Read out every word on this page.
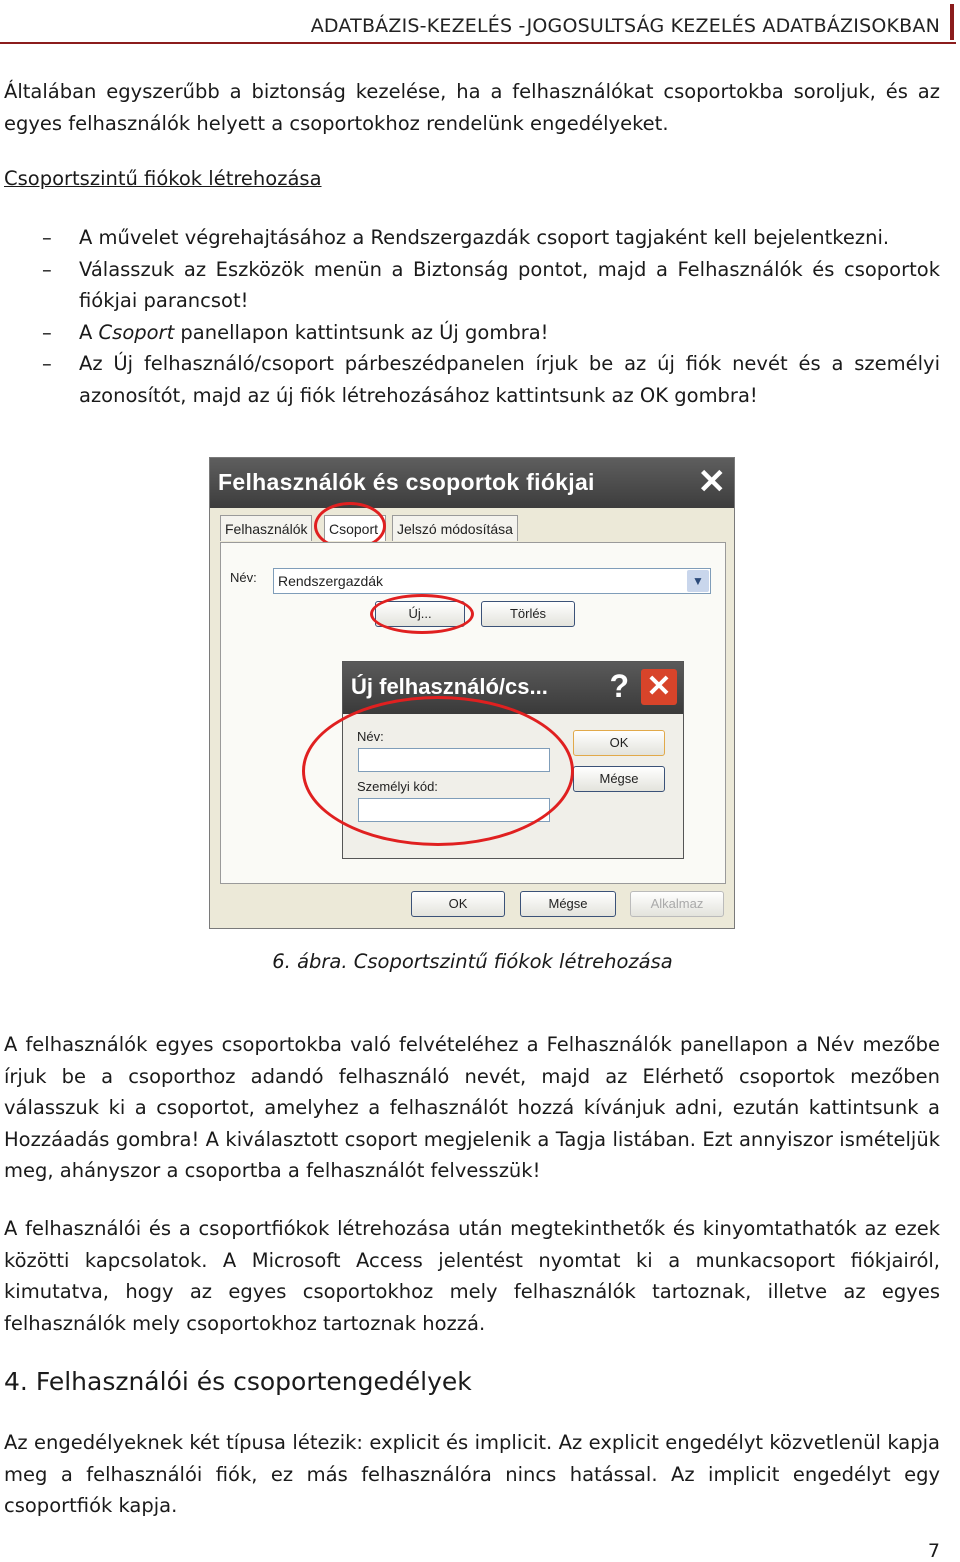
ADATBÁZIS-KEZELÉS -JOGOSULTSÁG KEZELÉS ADATBÁZISOKBAN

Általában egyszerűbb a biztonság kezelése, ha a felhasználókat csoportokba soroljuk, és az egyes felhasználók helyett a csoportokhoz rendelünk engedélyeket.

Csoportszintű fiókok létrehozása
– A művelet végrehajtásához a Rendszergazdák csoport tagjaként kell bejelentkezni.
– Válasszuk az Eszközök menün a Biztonság pontot, majd a Felhasználók és csoportok fiókjai parancsot!
– A Csoport panellapon kattintsunk az Új gombra!
– Az Új felhasználó/csoport párbeszédpanelen írjuk be az új fiók nevét és a személyi azonosítót, majd az új fiók létrehozásához kattintsunk az OK gombra!
Felhasználók és csoportok fiókjai	✕
Felhasználók	Csoport	Jelszó módosítása
Név: Rendszergazdák	▼
Új...	Törlés
Új felhasználó/cs... ? ✕
Név:
Személyi kód:
OK
Mégse
OK	Mégse	Alkalmaz
6. ábra. Csoportszintű fiókok létrehozása

A felhasználók egyes csoportokba való felvételéhez a Felhasználók panellapon a Név mezőbe írjuk be a csoporthoz adandó felhasználó nevét, majd az Elérhető csoportok mezőben válasszuk ki a csoportot, amelyhez a felhasználót hozzá kívánjuk adni, ezután kattintsunk a Hozzáadás gombra! A kiválasztott csoport megjelenik a Tagja listában. Ezt annyiszor ismételjük meg, ahányszor a csoportba a felhasználót felvesszük!

A felhasználói és a csoportfiókok létrehozása után megtekinthetők és kinyomtathatók az ezek közötti kapcsolatok. A Microsoft Access jelentést nyomtat ki a munkacsoport fiókjairól, kimutatva, hogy az egyes csoportokhoz mely felhasználók tartoznak, illetve az egyes felhasználók mely csoportokhoz tartoznak hozzá.

4. Felhasználói és csoportengedélyek

Az engedélyeknek két típusa létezik: explicit és implicit. Az explicit engedélyt közvetlenül kapja meg a felhasználói fiók, ez más felhasználóra nincs hatással. Az implicit engedélyt egy csoportfiók kapja.

7
